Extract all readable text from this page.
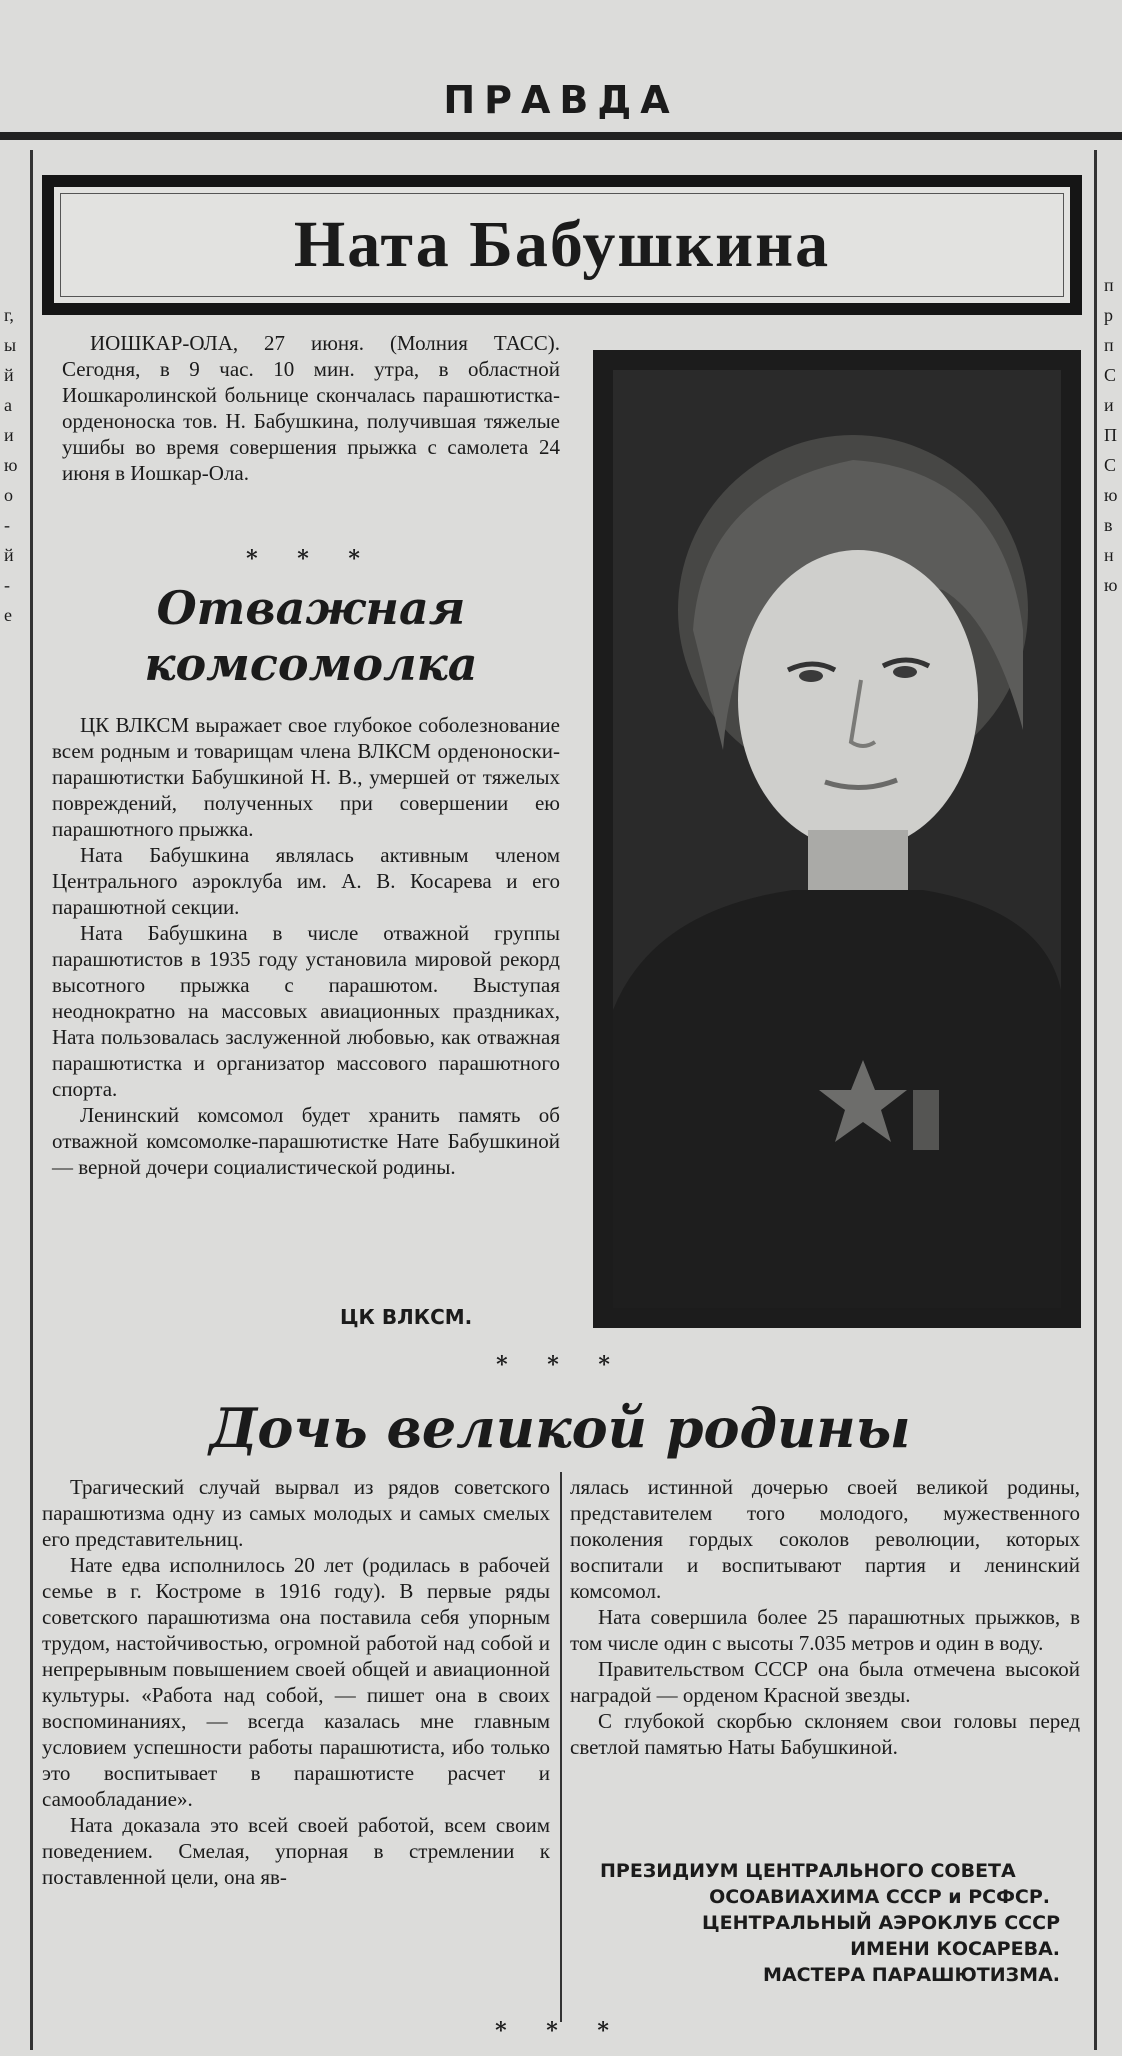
ПРАВДА
г,
ы
й
а
и
ю
о
-
й
-
е
п
р
п
С
и
П
С
ю
в
н
ю
Ната Бабушкина

ИОШКАР-ОЛА, 27 июня. (Молния ТАСС). Сегодня, в 9 час. 10 мин. утра, в областной Иошкаролинской больнице скончалась парашютистка-орденоноска тов. Н. Бабушкина, получившая тяжелые ушибы во время совершения прыжка с самолета 24 июня в Иошкар-Ола.

* * *
Отважная
комсомолка

ЦК ВЛКСМ выражает свое глубокое соболезнование всем родным и товарищам члена ВЛКСМ орденоноски-парашютистки Бабушкиной Н. В., умершей от тяжелых повреждений, полученных при совершении ею парашютного прыжка.

Ната Бабушкина являлась активным членом Центрального аэроклуба им. А. В. Косарева и его парашютной секции.

Ната Бабушкина в числе отважной группы парашютистов в 1935 году установила мировой рекорд высотного прыжка с парашютом. Выступая неоднократно на массовых авиационных праздниках, Ната пользовалась заслуженной любовью, как отважная парашютистка и организатор массового парашютного спорта.

Ленинский комсомол будет хранить память об отважной комсомолке-парашютистке Нате Бабушкиной — верной дочери социалистической родины.

ЦК ВЛКСМ.
* * *
Дочь великой родины

Трагический случай вырвал из рядов советского парашютизма одну из самых молодых и самых смелых его представительниц.

Нате едва исполнилось 20 лет (родилась в рабочей семье в г. Костроме в 1916 году). В первые ряды советского парашютизма она поставила себя упорным трудом, настойчивостью, огромной работой над собой и непрерывным повышением своей общей и авиационной культуры. «Работа над собой, — пишет она в своих воспоминаниях, — всегда казалась мне главным условием успешности работы парашютиста, ибо только это воспитывает в парашютисте расчет и самообладание».

Ната доказала это всей своей работой, всем своим поведением. Смелая, упорная в стремлении к поставленной цели, она яв-

лялась истинной дочерью своей великой родины, представителем того молодого, мужественного поколения гордых соколов революции, которых воспитали и воспитывают партия и ленинский комсомол.

Ната совершила более 25 парашютных прыжков, в том числе один с высоты 7.035 метров и один в воду.

Правительством СССР она была отмечена высокой наградой — орденом Красной звезды.

С глубокой скорбью склоняем свои головы перед светлой памятью Наты Бабушкиной.

ПРЕЗИДИУМ ЦЕНТРАЛЬНОГО СОВЕТА
ОСОАВИАХИМА СССР и РСФСР.
ЦЕНТРАЛЬНЫЙ АЭРОКЛУБ СССР
ИМЕНИ КОСАРЕВА.
МАСТЕРА ПАРАШЮТИЗМА.
* * *
